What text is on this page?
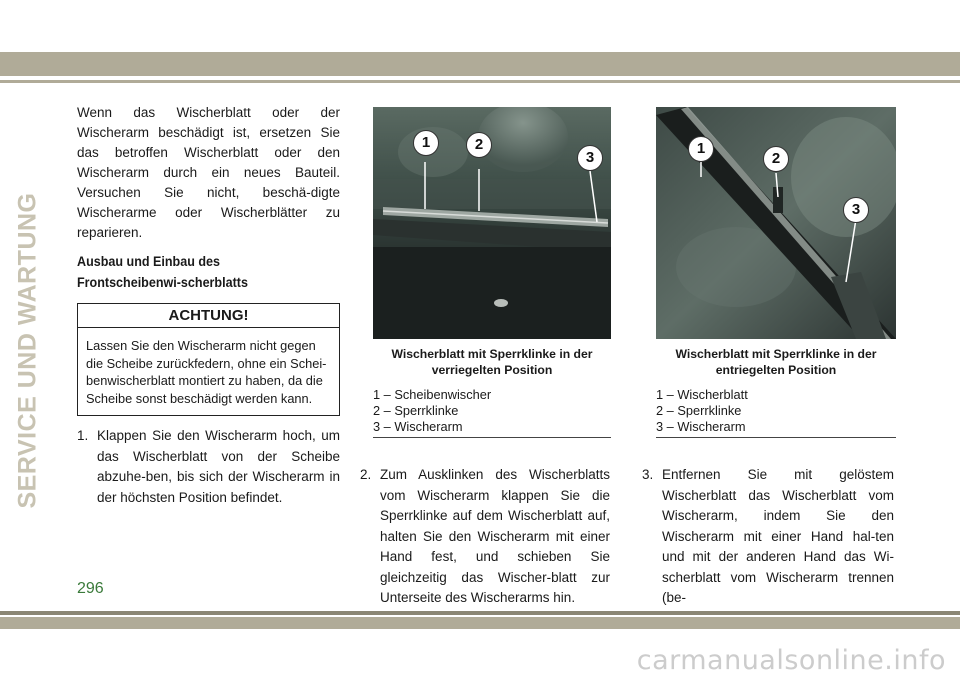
SERVICE UND WARTUNG

Wenn das Wischerblatt oder der Wischerarm beschädigt ist, ersetzen Sie das betroffen Wischerblatt oder den Wischerarm durch ein neues Bauteil. Versuchen Sie nicht, beschä-digte Wischerarme oder Wischerblätter zu reparieren.

Ausbau und Einbau des Frontscheibenwi-scherblatts
ACHTUNG!
Lassen Sie den Wischerarm nicht gegen die Scheibe zurückfedern, ohne ein Schei-benwischerblatt montiert zu haben, da die Scheibe sonst beschädigt werden kann.
1. Klappen Sie den Wischerarm hoch, um das Wischerblatt von der Scheibe abzuhe-ben, bis sich der Wischerarm in der höchsten Position befindet.
1	2
3
Wischerblatt mit Sperrklinke in der
verriegelten Position
1 – Scheibenwischer
2 – Sperrklinke
3 – Wischerarm
1
2
3
Wischerblatt mit Sperrklinke in der
entriegelten Position
1 – Wischerblatt
2 – Sperrklinke
3 – Wischerarm
2. Zum Ausklinken des Wischerblatts vom Wischerarm klappen Sie die Sperrklinke auf dem Wischerblatt auf, halten Sie den Wischerarm mit einer Hand fest, und schieben Sie gleichzeitig das Wischer-blatt zur Unterseite des Wischerarms hin.
3. Entfernen Sie mit gelöstem Wischerblatt das Wischerblatt vom Wischerarm, indem Sie den Wischerarm mit einer Hand hal-ten und mit der anderen Hand das Wi-scherblatt vom Wischerarm trennen (be-
296
carmanualsonline.info
